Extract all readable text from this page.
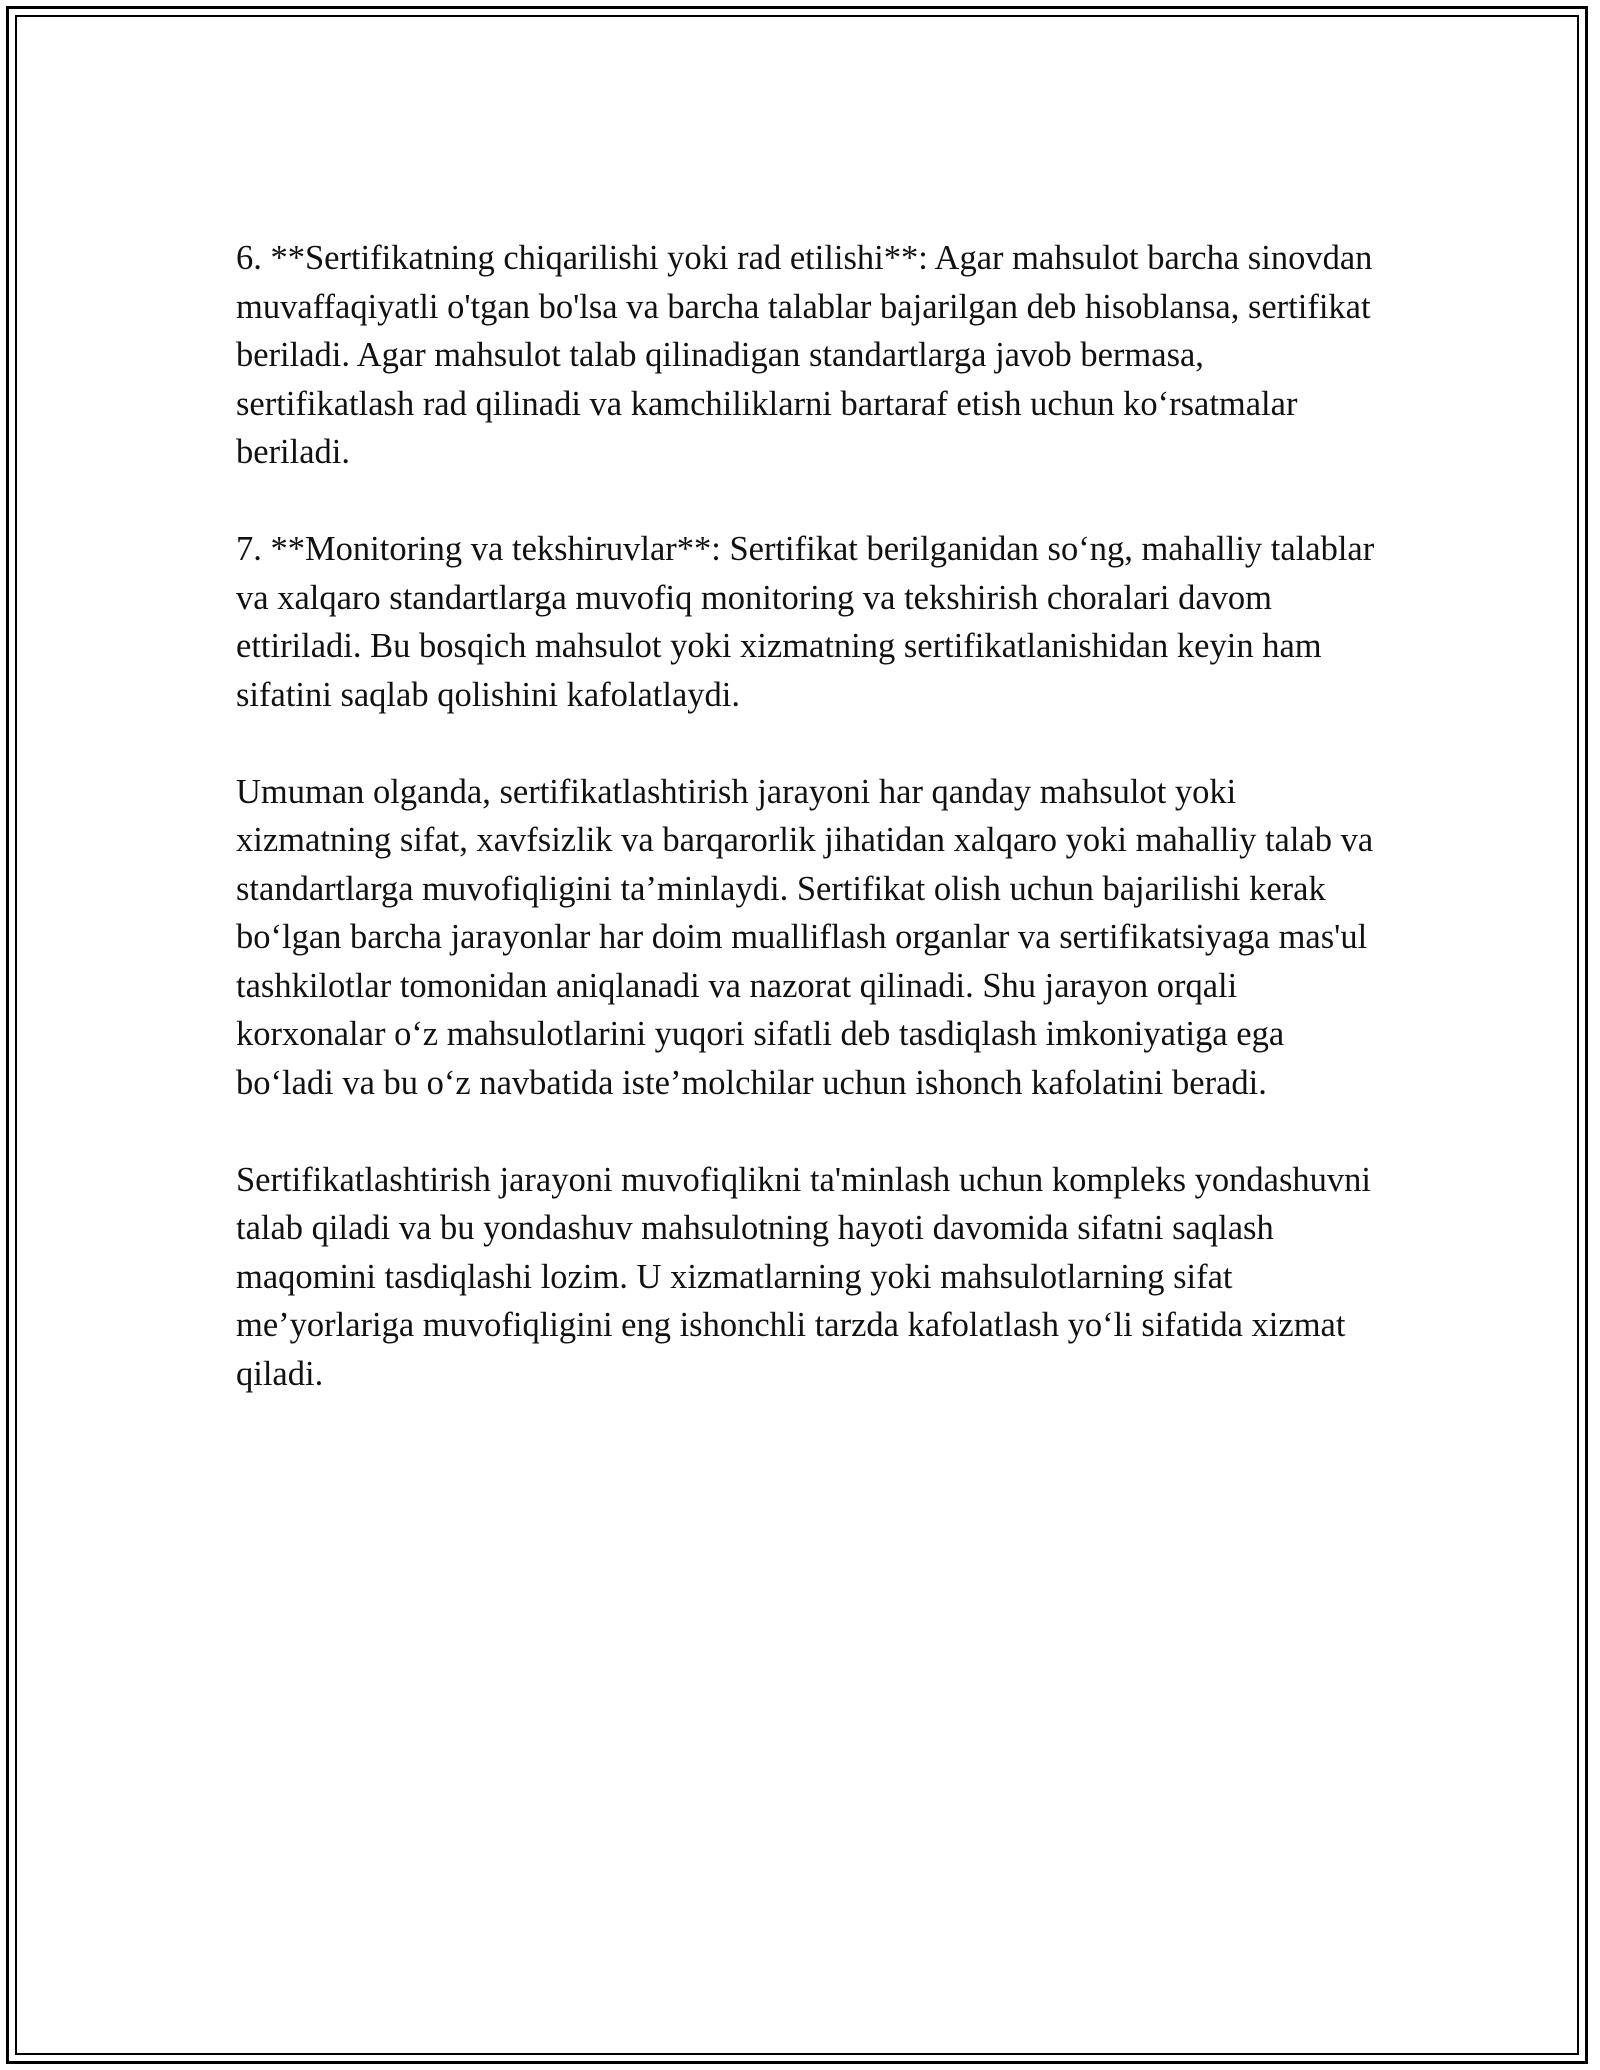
6. **Sertifikatning chiqarilishi yoki rad etilishi**: Agar mahsulot barcha sinovdan muvaffaqiyatli o'tgan bo'lsa va barcha talablar bajarilgan deb hisoblansa, sertifikat beriladi. Agar mahsulot talab qilinadigan standartlarga javob bermasa, sertifikatlash rad qilinadi va kamchiliklarni bartaraf etish uchun koʻrsatmalar beriladi.

7. **Monitoring va tekshiruvlar**: Sertifikat berilganidan soʻng, mahalliy talablar va xalqaro standartlarga muvofiq monitoring va tekshirish choralari davom ettiriladi. Bu bosqich mahsulot yoki xizmatning sertifikatlanishidan keyin ham sifatini saqlab qolishini kafolatlaydi.

Umuman olganda, sertifikatlashtirish jarayoni har qanday mahsulot yoki xizmatning sifat, xavfsizlik va barqarorlik jihatidan xalqaro yoki mahalliy talab va standartlarga muvofiqligini ta’minlaydi. Sertifikat olish uchun bajarilishi kerak boʻlgan barcha jarayonlar har doim mualliflash organlar va sertifikatsiyaga mas'ul tashkilotlar tomonidan aniqlanadi va nazorat qilinadi. Shu jarayon orqali korxonalar oʻz mahsulotlarini yuqori sifatli deb tasdiqlash imkoniyatiga ega boʻladi va bu oʻz navbatida iste’molchilar uchun ishonch kafolatini beradi.

Sertifikatlashtirish jarayoni muvofiqlikni ta'minlash uchun kompleks yondashuvni talab qiladi va bu yondashuv mahsulotning hayoti davomida sifatni saqlash maqomini tasdiqlashi lozim. U xizmatlarning yoki mahsulotlarning sifat me’yorlariga muvofiqligini eng ishonchli tarzda kafolatlash yoʻli sifatida xizmat qiladi.
